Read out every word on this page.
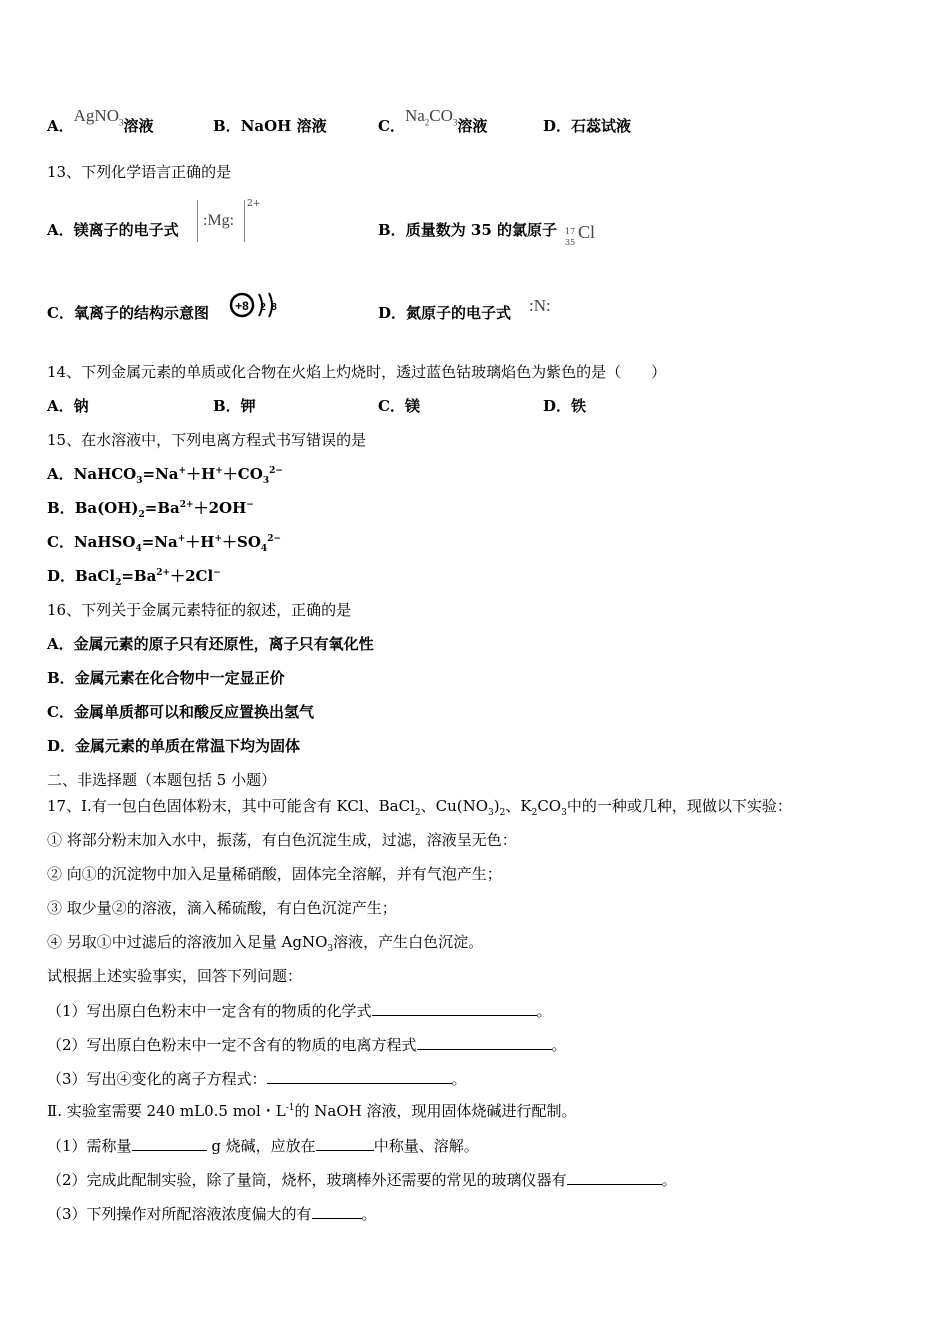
A．AgNO$_3$溶液	B．NaOH 溶液	C．$Na_2CO_3$溶液	D．石蕊试液
13、下列化学语言正确的是
A．镁离子的电子式
:Mg:
2+
B．质量数为 35 的氯原子 17
35
Cl
C．氧离子的结构示意图 +8 2 8	D．氮原子的电子式 :N:
14、下列金属元素的单质或化合物在火焰上灼烧时，透过蓝色钴玻璃焰色为紫色的是（　　）
A．钠	B．钾	C．镁	D．铁
15、在水溶液中，下列电离方程式书写错误的是
A．$NaHCO_3=Na^++H^++CO_3^{2-}$
B．$Ba(OH)_2=Ba^{2+}+2OH^-$
C．$NaHSO_4=Na^++H^++SO_4^{2-}$
D．$BaCl_2=Ba^{2+}+2Cl^-$
16、下列关于金属元素特征的叙述，正确的是
A．金属元素的原子只有还原性，离子只有氧化性
B．金属元素在化合物中一定显正价
C．金属单质都可以和酸反应置换出氢气
D．金属元素的单质在常温下均为固体
二、非选择题（本题包括 5 小题）
17、Ⅰ.有一包白色固体粉末，其中可能含有 KCl、BaCl$_2$、$Cu(NO_3)_2$、$K_2CO_3$中的一种或几种，现做以下实验：
① 将部分粉末加入水中，振荡，有白色沉淀生成，过滤，溶液呈无色：
② 向①的沉淀物中加入足量稀硝酸，固体完全溶解，并有气泡产生；
③ 取少量②的溶液，滴入稀硫酸，有白色沉淀产生；
④ 另取①中过滤后的溶液加入足量 AgNO$_3$溶液，产生白色沉淀。
试根据上述实验事实，回答下列问题：
（1）写出原白色粉末中一定含有的物质的化学式	。
（2）写出原白色粉末中一定不含有的物质的电离方程式	。
（3）写出④变化的离子方程式：	。
Ⅱ. 实验室需要 240 mL0.5 mol・$L^{-1}$的 NaOH 溶液，现用固体烧碱进行配制。
（1）需称量	g 烧碱，应放在	中称量、溶解。
（2）完成此配制实验，除了量筒，烧杯，玻璃棒外还需要的常见的玻璃仪器有	。
（3）下列操作对所配溶液浓度偏大的有	。
